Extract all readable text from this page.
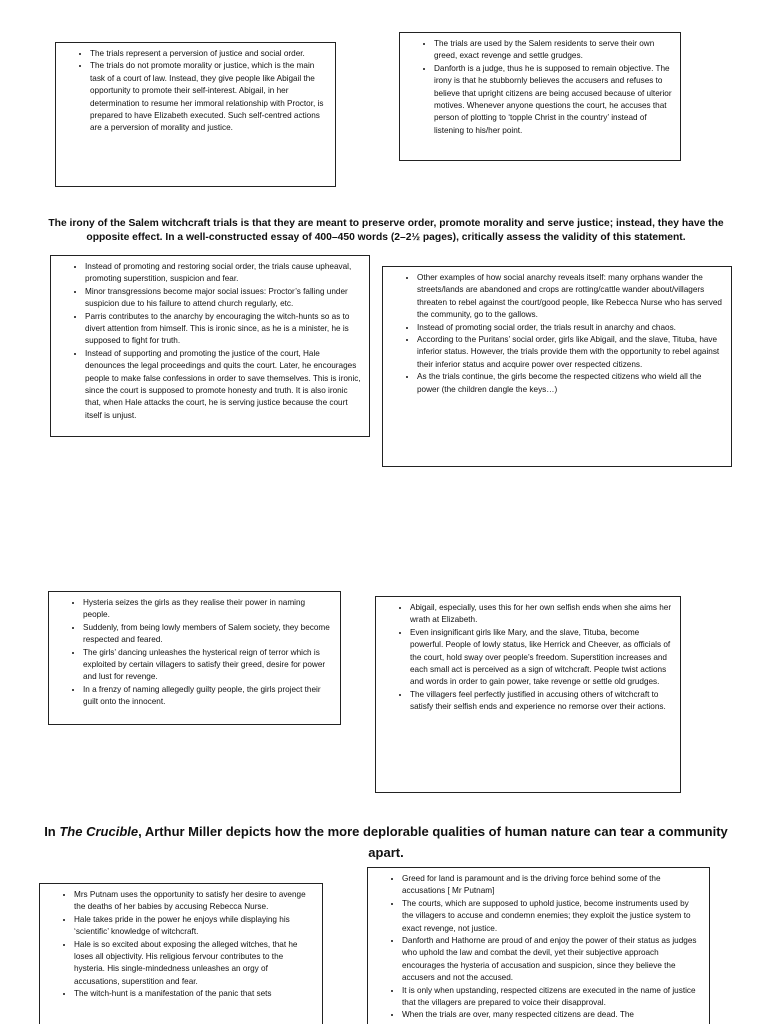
• The trials represent a perversion of justice and social order.
• The trials do not promote morality or justice, which is the main task of a court of law. Instead, they give people like Abigail the opportunity to promote their self-interest. Abigail, in her determination to resume her immoral relationship with Proctor, is prepared to have Elizabeth executed. Such self-centred actions are a perversion of morality and justice.
• The trials are used by the Salem residents to serve their own greed, exact revenge and settle grudges.
• Danforth is a judge, thus he is supposed to remain objective. The irony is that he stubbornly believes the accusers and refuses to believe that upright citizens are being accused because of ulterior motives. Whenever anyone questions the court, he accuses that person of plotting to ‘topple Christ in the country’ instead of listening to his/her point.
The irony of the Salem witchcraft trials is that they are meant to preserve order, promote morality and serve justice; instead, they have the opposite effect. In a well-constructed essay of 400–450 words (2–2½ pages), critically assess the validity of this statement.
• Instead of promoting and restoring social order, the trials cause upheaval, promoting superstition, suspicion and fear.
• Minor transgressions become major social issues: Proctor’s falling under suspicion due to his failure to attend church regularly, etc.
• Parris contributes to the anarchy by encouraging the witch-hunts so as to divert attention from himself. This is ironic since, as he is a minister, he is supposed to fight for truth.
• Instead of supporting and promoting the justice of the court, Hale denounces the legal proceedings and quits the court. Later, he encourages people to make false confessions in order to save themselves. This is ironic, since the court is supposed to promote honesty and truth. It is also ironic that, when Hale attacks the court, he is serving justice because the court itself is unjust.
• Other examples of how social anarchy reveals itself: many orphans wander the streets/lands are abandoned and crops are rotting/cattle wander about/villagers threaten to rebel against the court/good people, like Rebecca Nurse who has served the community, go to the gallows.
• Instead of promoting social order, the trials result in anarchy and chaos.
• According to the Puritans’ social order, girls like Abigail, and the slave, Tituba, have inferior status. However, the trials provide them with the opportunity to rebel against their inferior status and acquire power over respected citizens.
• As the trials continue, the girls become the respected citizens who wield all the power (the children dangle the keys…)
• Hysteria seizes the girls as they realise their power in naming people.
• Suddenly, from being lowly members of Salem society, they become respected and feared.
• The girls’ dancing unleashes the hysterical reign of terror which is exploited by certain villagers to satisfy their greed, desire for power and lust for revenge.
• In a frenzy of naming allegedly guilty people, the girls project their guilt onto the innocent.
• Abigail, especially, uses this for her own selfish ends when she aims her wrath at Elizabeth.
• Even insignificant girls like Mary, and the slave, Tituba, become powerful. People of lowly status, like Herrick and Cheever, as officials of the court, hold sway over people’s freedom. Superstition increases and each small act is perceived as a sign of witchcraft. People twist actions and words in order to gain power, take revenge or settle old grudges.
• The villagers feel perfectly justified in accusing others of witchcraft to satisfy their selfish ends and experience no remorse over their actions.
In The Crucible, Arthur Miller depicts how the more deplorable qualities of human nature can tear a community apart.
• Mrs Putnam uses the opportunity to satisfy her desire to avenge the deaths of her babies by accusing Rebecca Nurse.
• Hale takes pride in the power he enjoys while displaying his ‘scientific’ knowledge of witchcraft.
• Hale is so excited about exposing the alleged witches, that he loses all objectivity. His religious fervour contributes to the hysteria. His single-mindedness unleashes an orgy of accusations, superstition and fear.
• The witch-hunt is a manifestation of the panic that sets
• Greed for land is paramount and is the driving force behind some of the accusations [ Mr Putnam]
• The courts, which are supposed to uphold justice, become instruments used by the villagers to accuse and condemn enemies; they exploit the justice system to exact revenge, not justice.
• Danforth and Hathorne are proud of and enjoy the power of their status as judges who uphold the law and combat the devil, yet their subjective approach encourages the hysteria of accusation and suspicion, since they believe the accusers and not the accused.
• It is only when upstanding, respected citizens are executed in the name of justice that the villagers are prepared to voice their disapproval.
• When the trials are over, many respected citizens are dead. The
